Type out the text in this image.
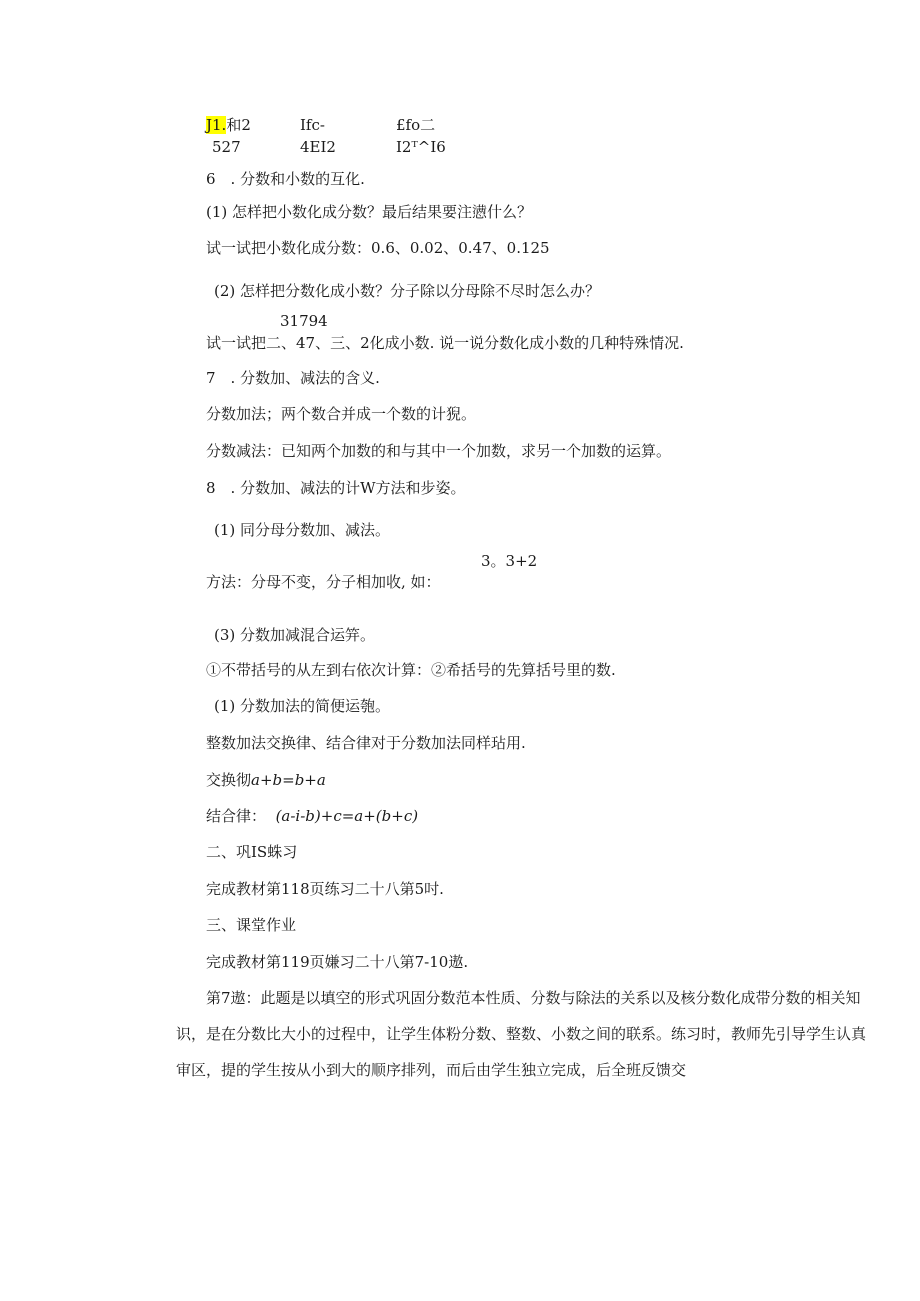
J1.和2	Ifc-	£fo二
527	4EI2	I2ᵀ^I6
6　. 分数和小数的互化.
(1) 怎样把小数化成分数？最后结果要注懑什么？
试一试把小数化成分数：0.6、0.02、0.47、0.125
(2) 怎样把分数化成小数？分子除以分母除不尽时怎么办？
31794
试一试把二、47、三、2化成小数. 说一说分数化成小数的几种特殊情况.
7　. 分数加、减法的含义.
分数加法；两个数合并成一个数的计猊。
分数减法：已知两个加数的和与其中一个加数，求另一个加数的运算。
8　. 分数加、减法的计W方法和步姿。
(1) 同分母分数加、减法。
3。3+2
方法：分母不变，分子相加收, 如：
(3) 分数加减混合运笄。
①不带括号的从左到右依次计算：②希括号的先算括号里的数.
(1) 分数加法的简便运匏。
整数加法交换律、结合律对于分数加法同样玷用.
交换彻a+b=b+a
结合律： (a-i-b)+c=a+(b+c)
二、巩IS蛛习
完成教材第118页练习二十八第5吋.
三、课堂作业
完成教材第119页嫌习二十八第7-10遨.
第7遨：此题是以填空的形式巩固分数范本性质、分数与除法的关系以及核分数化成带分数的相关知识，是在分数比大小的过程中，让学生体粉分数、整数、小数之间的联系。练习时，教师先引导学生认真审区，提的学生按从小到大的顺序排列，而后由学生独立完成，后全班反馈交
